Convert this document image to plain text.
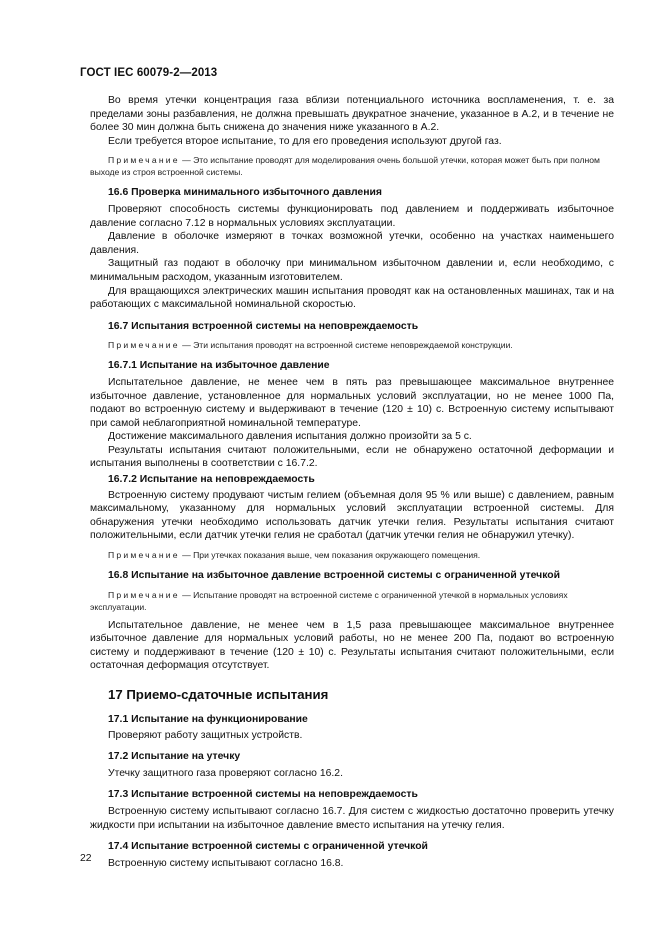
ГОСТ IEC 60079-2—2013

Во время утечки концентрация газа вблизи потенциального источника воспламенения, т. е. за пределами зоны разбавления, не должна превышать двукратное значение, указанное в А.2, и в течение не более 30 мин должна быть снижена до значения ниже указанного в А.2.

Если требуется второе испытание, то для его проведения используют другой газ.

Примечание — Это испытание проводят для моделирования очень большой утечки, которая может быть при полном выходе из строя встроенной системы.
16.6 Проверка минимального избыточного давления

Проверяют способность системы функционировать под давлением и поддерживать избыточное давление согласно 7.12 в нормальных условиях эксплуатации.

Давление в оболочке измеряют в точках возможной утечки, особенно на участках наименьшего давления.

Защитный газ подают в оболочку при минимальном избыточном давлении и, если необходимо, с минимальным расходом, указанным изготовителем.

Для вращающихся электрических машин испытания проводят как на остановленных машинах, так и на работающих с максимальной номинальной скоростью.

16.7 Испытания встроенной системы на неповреждаемость
Примечание — Эти испытания проводят на встроенной системе неповреждаемой конструкции.
16.7.1 Испытание на избыточное давление

Испытательное давление, не менее чем в пять раз превышающее максимальное внутреннее избыточное давление, установленное для нормальных условий эксплуатации, но не менее 1000 Па, подают во встроенную систему и выдерживают в течение (120 ± 10) с. Встроенную систему испытывают при самой неблагоприятной номинальной температуре.

Достижение максимального давления испытания должно произойти за 5 с.

Результаты испытания считают положительными, если не обнаружено остаточной деформации и испытания выполнены в соответствии с 16.7.2.

16.7.2 Испытание на неповреждаемость

Встроенную систему продувают чистым гелием (объемная доля 95 % или выше) с давлением, равным максимальному, указанному для нормальных условий эксплуатации встроенной системы. Для обнаружения утечки необходимо использовать датчик утечки гелия. Результаты испытания считают положительными, если датчик утечки гелия не сработал (датчик утечки гелия не обнаружил утечку).

Примечание — При утечках показания выше, чем показания окружающего помещения.
16.8 Испытание на избыточное давление встроенной системы с ограниченной утечкой
Примечание — Испытание проводят на встроенной системе с ограниченной утечкой в нормальных условиях эксплуатации.

Испытательное давление, не менее чем в 1,5 раза превышающее максимальное внутреннее избыточное давление для нормальных условий работы, но не менее 200 Па, подают во встроенную систему и поддерживают в течение (120 ± 10) с. Результаты испытания считают положительными, если остаточная деформация отсутствует.

17 Приемо-сдаточные испытания
17.1 Испытание на функционирование

Проверяют работу защитных устройств.

17.2 Испытание на утечку

Утечку защитного газа проверяют согласно 16.2.

17.3 Испытание встроенной системы на неповреждаемость

Встроенную систему испытывают согласно 16.7. Для систем с жидкостью достаточно проверить утечку жидкости при испытании на избыточное давление вместо испытания на утечку гелия.

17.4 Испытание встроенной системы с ограниченной утечкой

Встроенную систему испытывают согласно 16.8.

22
